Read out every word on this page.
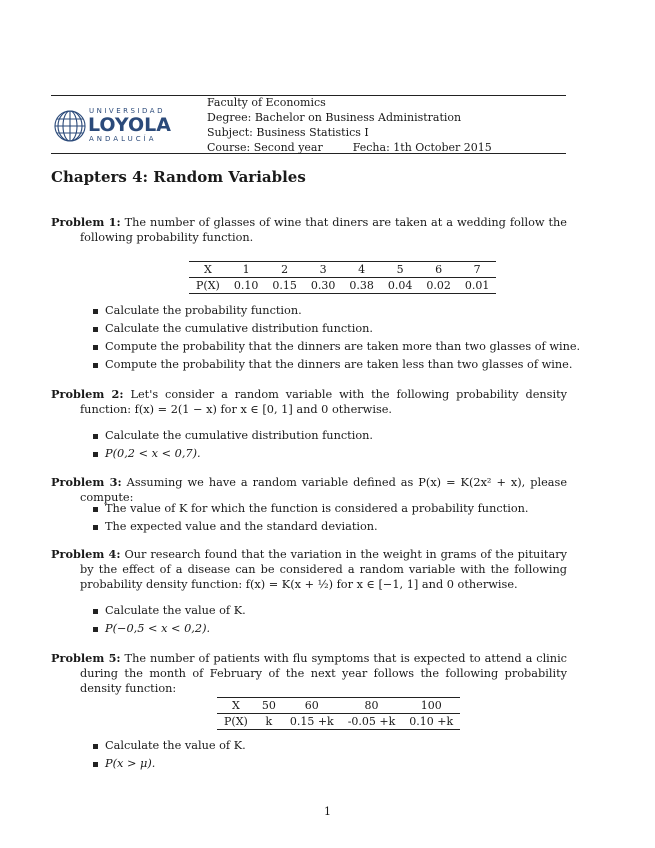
UNIVERSIDAD
LOYOLA
ANDALUCÍA
Faculty of Economics
Degree: Bachelor on Business Administration
Subject: Business Statistics I
Course: Second year	Fecha: 1th October 2015
Chapters 4: Random Variables
Problem 1: The number of glasses of wine that diners are taken at a wedding follow the following probability function.
X	1	2	3	4	5	6	7
P(X)	0.10	0.15	0.30	0.38	0.04	0.02	0.01
Calculate the probability function.
Calculate the cumulative distribution function.
Compute the probability that the dinners are taken more than two glasses of wine.
Compute the probability that the dinners are taken less than two glasses of wine.
Problem 2: Let's consider a random variable with the following probability density function: f(x) = 2(1 − x) for x ∈ [0, 1] and 0 otherwise.
Calculate the cumulative distribution function.
P(0,2 < x < 0,7).
Problem 3: Assuming we have a random variable defined as P(x) = K(2x² + x), please compute:
The value of K for which the function is considered a probability function.
The expected value and the standard deviation.
Problem 4: Our research found that the variation in the weight in grams of the pituitary by the effect of a disease can be considered a random variable with the following probability density function: f(x) = K(x + ½) for x ∈ [−1, 1] and 0 otherwise.
Calculate the value of K.
P(−0,5 < x < 0,2).
Problem 5: The number of patients with flu symptoms that is expected to attend a clinic during the month of February of the next year follows the following probability density function:
X	50	60	80	100
P(X)	k	0.15 +k	-0.05 +k	0.10 +k
Calculate the value of K.
P(x > μ).
1
